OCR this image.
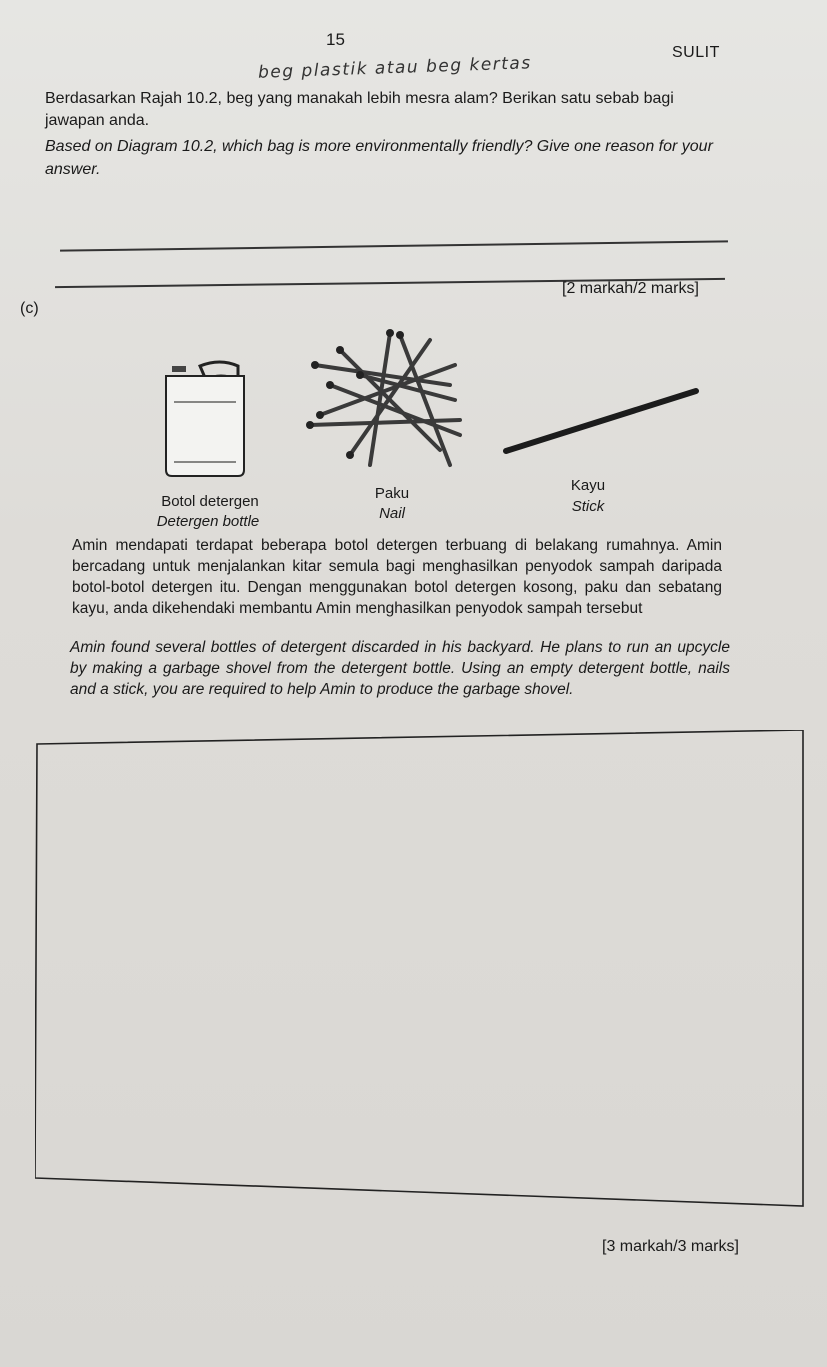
15
SULIT
beg plastik atau beg kertas
Berdasarkan Rajah 10.2, beg yang manakah lebih mesra alam? Berikan satu sebab bagi jawapan anda.
Based on Diagram 10.2, which bag is more environmentally friendly? Give one reason for your answer.
[2 markah/2 marks]
(c)
Botol detergen
Detergen bottle
Paku
Nail
Kayu
Stick
Amin mendapati terdapat beberapa botol detergen terbuang di belakang rumahnya. Amin bercadang untuk menjalankan kitar semula bagi menghasilkan penyodok sampah daripada botol-botol detergen itu. Dengan menggunakan botol detergen kosong, paku dan sebatang kayu, anda dikehendaki membantu Amin menghasilkan penyodok sampah tersebut
Amin found several bottles of detergent discarded in his backyard. He plans to run an upcycle by making a garbage shovel from the detergent bottle. Using an empty detergent bottle, nails and a stick, you are required to help Amin to produce the garbage shovel.
[3 markah/3 marks]
